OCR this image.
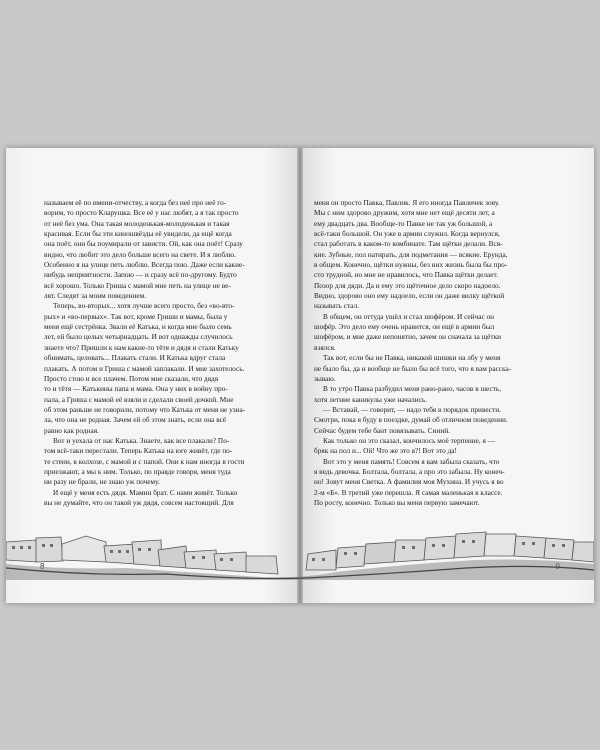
называем её по имени-отчеству, а когда без неё про неё го-
ворим, то просто Кларушка. Все её у нас любят, а я так просто
от неё без ума. Она такая молоденькая-молоденькая и такая
красивая. Если бы эти киношвёзды её увидели, да ещё когда
она поёт, они бы поумирали от зависти. Ой, как она поёт! Сразу
видно, что любит это дело больше всего на свете. И я люблю.
Особенно я на улице петь люблю. Всегда пою. Даже если какие-
нибудь неприятности. Запою — и сразу всё по-другому. Будто
всё хорошо. Только Гриша с мамой мне петь на улице не ве-
лят. Следят за моим поведением.
Теперь, во-вторых... хотя лучше всего просто, без «во-вто-
рых» и «во-первых». Так вот, кроме Гриши и мамы, была у
меня ещё сестрёнка. Звали её Катька, и когда мне было семь
лет, ей было целых четырнадцать. И вот однажды случилось
знаете что? Пришли к нам какие-то тётя и дядя и стали Катьку
обнимать, целовать... Плакать стали. И Катька вдруг стала
плакать. А потом и Гриша с мамой заплакали. И мне захотелось.
Просто стою и все плачем. Потом мне сказали, что дядя
то и тётя — Катькины папа и мама. Она у них в войну про-
пала, а Гриша с мамой её взяли и сделали своей дочкой. Мне
об этом раньше не говорили, потому что Катька от меня не узна-
ла, что она не родная. Зачем ей об этом знать, если она всё
равно как родная.
Вот и уехала от нас Катька. Знаете, как все плакали? По-
том всё-таки перестали. Теперь Катька на юге живёт, где по-
те стени, в колхозе, с мамой и с папой. Они к нам иногда в гости
приезжают, а мы к ним. Только, по правде говоря, меня туда
ни разу не брали, не знаю уж почему.
И ещё у меня есть дядя. Мамин брат. С нами живёт. Только
вы не думайте, что он такой уж дядя, совсем настоящий. Для
8
меня он просто Павка, Павлик. Я его иногда Павличек зову.
Мы с ним здорово дружим, хотя мне нет ещё десяти лет, а
ему двадцать два. Вообще-то Павке не так уж большой, а
всё-таки большой. Он уже в армии служил. Когда вернулся,
стал работать в каком-то комбинате. Там щётки делали. Вся-
кие. Зубные, пол натирать, для подметания — всякие. Ерунда,
в общем. Конечно, щётки нужны, без них жизнь была бы про-
сто трудной, но мне не нравилось, что Павка щётки делает.
Позор для дяди. Да и ему это щёточное дело скоро надоело.
Видно, здорово оно ему надоело, если он даже вилку щёткой
называть стал.
В общем, он оттуда ушёл и стал шофёром. И сейчас он
шофёр. Это дело ему очень нравится, он ещё в армии был
шофёром, и мне даже непонятно, зачем он сначала за щётки
взялся.
Так вот, если бы не Павка, никакой шишки на лбу у меня
не было бы, да и вообще не было бы всё того, что я вам расска-
зываю.
В то утро Павка разбудил меня рано-рано, часов в шесть,
хотя летние каникулы уже начались.
— Вставай, — говорит, — надо тебя в порядок привести.
Смотри, пока я буду в поездке, думай об отличном поведении.
Сейчас будем тебе бант повязывать. Синий.
Как только он это сказал, кончилось моё терпение, я —
бряк на пол и... Ой! Что же это я?! Вот это да!
Вот это у меня память! Совсем я вам забыла сказать, что
я ведь девочка. Болтала, болтала, а про это забыла. Ну конеч-
но! Зовут меня Светка. А фамилия моя Мухина. И учусь я во
2-м «Б». В третий уже перешла. Я самая маленькая в классе.
По росту, конечно. Только вы меня первую замечают.
